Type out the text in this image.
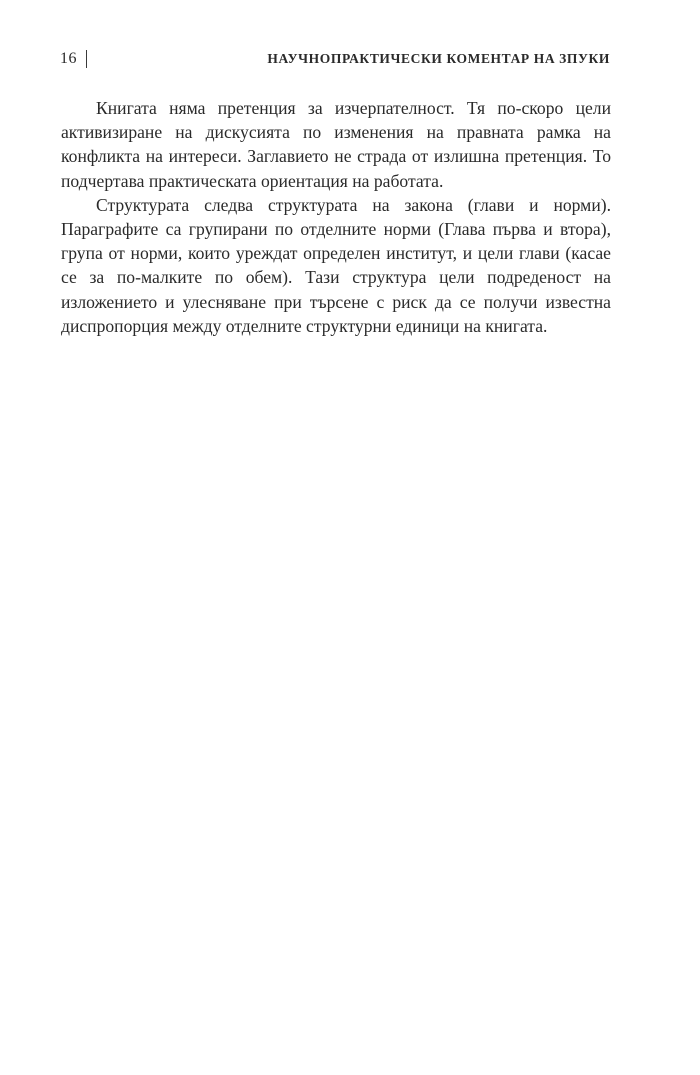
16	НАУЧНОПРАКТИЧЕСКИ КОМЕНТАР НА ЗПУКИ

Книгата няма претенция за изчерпателност. Тя по-скоро цели активизиране на дискусията по изменения на правната рамка на конфликта на интереси. Заглавието не страда от излишна претенция. То подчертава практическата ориентация на работата.

Структурата следва структурата на закона (глави и норми). Параграфите са групирани по отделните норми (Глава първа и втора), група от норми, които уреждат определен институт, и цели глави (касае се за по-малките по обем). Тази структура цели подреденост на изложението и улесняване при търсене с риск да се получи известна диспропорция между отделните структурни единици на книгата.
